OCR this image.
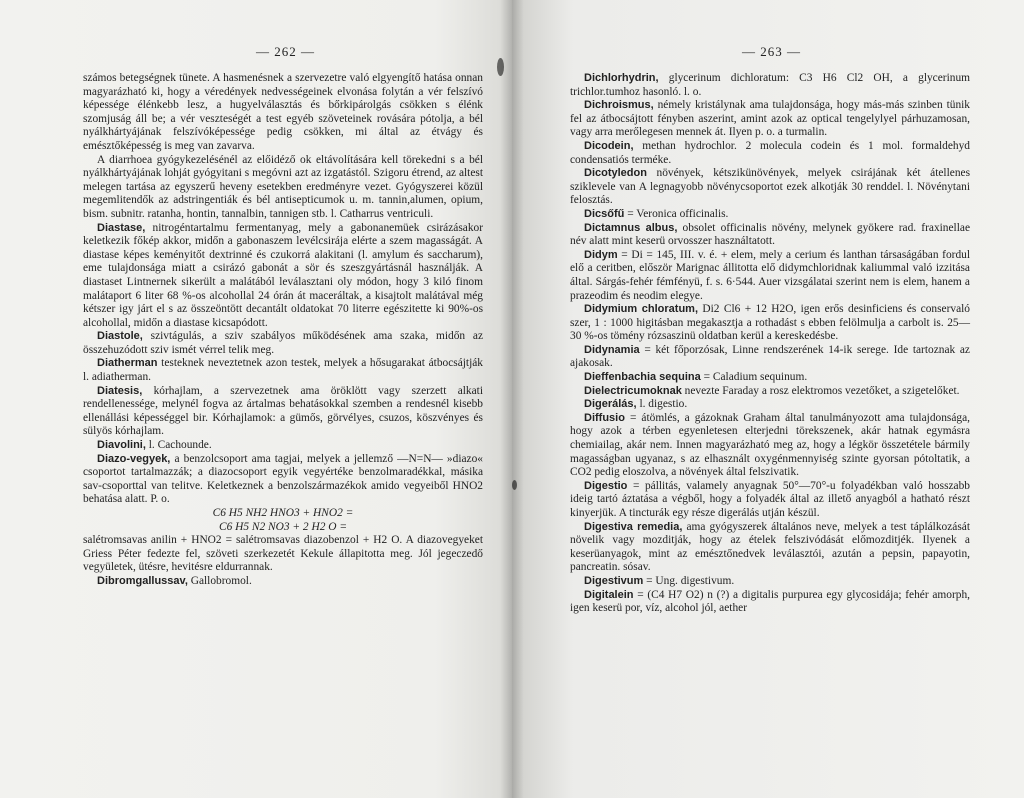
— 262 —

számos betegségnek tünete. A hasmenésnek a szervezetre való elgyengítő hatása onnan magyarázható ki, hogy a véredények nedvességeinek elvonása folytán a vér felszívó képessége élénkebb lesz, a hugyelválasztás és bőrkipárolgás csökken s élénk szomjuság áll be; a vér veszteségét a test egyéb szöveteinek rovására pótolja, a bél nyálkhártyájának felszívóképessége pedig csökken, mi által az étvágy és emésztőképesség is meg van zavarva.

A diarrhoea gyógykezelésénél az előidéző ok eltávolítására kell törekedni s a bél nyálkhártyájának lohját gyógyitani s megóvni azt az izgatástól. Szigoru étrend, az altest melegen tartása az egyszerű heveny esetekben eredményre vezet. Gyógyszerei közül megemlitendők az adstringentiák és bél antisepticumok u. m. tannin,alumen, opium, bism. subnitr. ratanha, hontin, tannalbin, tannigen stb. l. Catharrus ventriculi.

Diastase, nitrogéntartalmu fermentanyag, mely a gabonanemüek csirázásakor keletkezik főkép akkor, midőn a gabonaszem levélcsirája elérte a szem magasságát. A diastase képes keményitőt dextrinné és czukorrá alakitani (l. amylum és saccharum), eme tulajdonsága miatt a csirázó gabonát a sör és szeszgyártásnál használják. A diastaset Lintnernek sikerült a malátából leválasztani oly módon, hogy 3 kiló finom malátaport 6 liter 68 %-os alcohollal 24 órán át maceráltak, a kisajtolt malátával még kétszer igy járt el s az összeöntött decantált oldatokat 70 literre egészitette ki 90%-os alcohollal, midőn a diastase kicsapódott.

Diastole, szivtágulás, a sziv szabályos működésének ama szaka, midőn az összehuzódott sziv ismét vérrel telik meg.

Diatherman testeknek neveztetnek azon testek, melyek a hősugarakat átbocsájtják l. adiatherman.

Diatesis, kórhajlam, a szervezetnek ama öröklött vagy szerzett alkati rendellenessége, melynél fogva az ártalmas behatásokkal szemben a rendesnél kisebb ellenállási képességgel bir. Kórhajlamok: a gümős, görvélyes, csuzos, köszvényes és sülyös kórhajlam.

Diavolini, l. Cachounde.

Diazo-vegyek, a benzolcsoport ama tagjai, melyek a jellemző —N=N— »diazo« csoportot tartalmazzák; a diazocsoport egyik vegyértéke benzolmaradékkal, másika sav-csoporttal van telitve. Keletkeznek a benzolszármazékok amido vegyeiből HNO2 behatása alatt. P. o.

C6 H5 NH2 HNO3 + HNO2 =

C6 H5 N2 NO3 + 2 H2 O =

salétromsavas anilin + HNO2 = salétromsavas diazobenzol + H2 O. A diazovegyeket Griess Péter fedezte fel, szöveti szerkezetét Kekule állapitotta meg. Jól jegeczedő vegyületek, ütésre, hevitésre eldurrannak.

Dibromgallussav, Gallobromol.

— 263 —

Dichlorhydrin, glycerinum dichloratum: C3 H6 Cl2 OH, a glycerinum trichlor.tumhoz hasonló. l. o.

Dichroismus, némely kristálynak ama tulajdonsága, hogy más-más szinben tünik fel az átbocsájtott fényben aszerint, amint azok az optical tengelylyel párhuzamosan, vagy arra merőlegesen mennek át. Ilyen p. o. a turmalin.

Dicodein, methan hydrochlor. 2 molecula codein és 1 mol. formaldehyd condensatiós terméke.

Dicotyledon növények, kétszikünövények, melyek csirájának két átellenes sziklevele van A legnagyobb növénycsoportot ezek alkotják 30 renddel. l. Növénytani felosztás.

Dicsőfű = Veronica officinalis.

Dictamnus albus, obsolet officinalis növény, melynek gyökere rad. fraxinellae név alatt mint keserü orvosszer használtatott.

Didym = Di = 145, III. v. é. + elem, mely a cerium és lanthan társaságában fordul elő a ceritben, először Marignac állitotta elő didymchloridnak kaliummal való izzitása által. Sárgás-fehér fémfényü, f. s. 6·544. Auer vizsgálatai szerint nem is elem, hanem a prazeodim és neodim elegye.

Didymium chloratum, Di2 Cl6 + 12 H2O, igen erős desinficiens és conservaló szer, 1 : 1000 higitásban megakasztja a rothadást s ebben felölmulja a carbolt is. 25—30 %-os tömény rózsaszinü oldatban kerül a kereskedésbe.

Didynamia = két főporzósak, Linne rendszerének 14-ik serege. Ide tartoznak az ajakosak.

Dieffenbachia sequina = Caladium sequinum.

Dielectricumoknak nevezte Faraday a rosz elektromos vezetőket, a szigetelőket.

Digerálás, l. digestio.

Diffusio = átömlés, a gázoknak Graham által tanulmányozott ama tulajdonsága, hogy azok a térben egyenletesen elterjedni törekszenek, akár hatnak egymásra chemiailag, akár nem. Innen magyarázható meg az, hogy a légkör összetétele bármily magasságban ugyanaz, s az elhasznált oxygénmennyiség szinte gyorsan pótoltatik, a CO2 pedig eloszolva, a növények által felszivatik.

Digestio = pállitás, valamely anyagnak 50°—70°-u folyadékban való hosszabb ideig tartó áztatása a végből, hogy a folyadék által az illető anyagból a hatható részt kinyerjük. A tincturák egy része digerálás utján készül.

Digestiva remedia, ama gyógyszerek általános neve, melyek a test táplálkozását növelik vagy mozditják, hogy az ételek felszivódását előmozditjék. Ilyenek a keserüanyagok, mint az emésztőnedvek leválasztói, azután a pepsin, papayotin, pancreatin. sósav.

Digestivum = Ung. digestivum.

Digitalein = (C4 H7 O2) n (?) a digitalis purpurea egy glycosidája; fehér amorph, igen keserü por, víz, alcohol jól, aether
